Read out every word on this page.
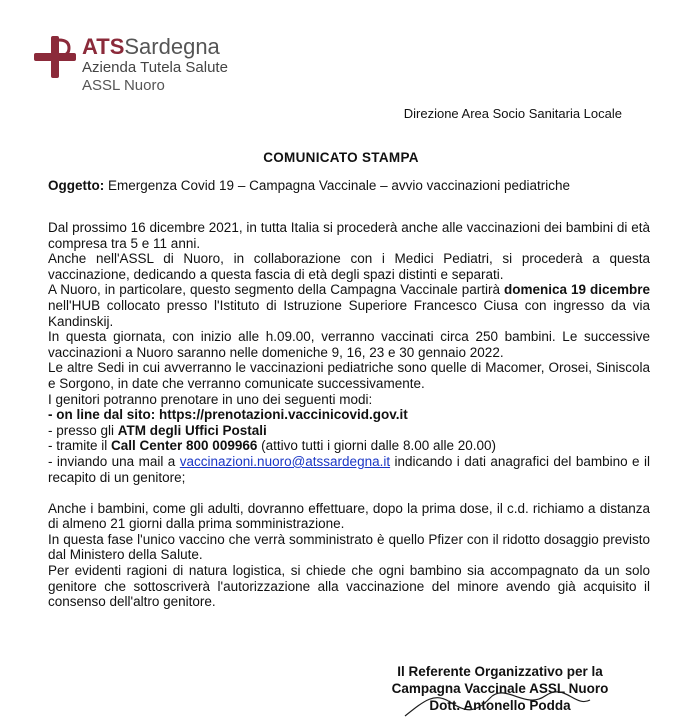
ATSSardegna
Azienda Tutela Salute
ASSL Nuoro
Direzione Area Socio Sanitaria Locale
COMUNICATO STAMPA
Oggetto: Emergenza Covid 19 – Campagna Vaccinale – avvio vaccinazioni pediatriche

Dal prossimo 16 dicembre 2021, in tutta Italia si procederà anche alle vaccinazioni dei bambini di età compresa tra 5 e 11 anni.

Anche nell'ASSL di Nuoro, in collaborazione con i Medici Pediatri, si procederà a questa vaccinazione, dedicando a questa fascia di età degli spazi distinti e separati.

A Nuoro, in particolare, questo segmento della Campagna Vaccinale partirà domenica 19 dicembre nell'HUB collocato presso l'Istituto di Istruzione Superiore Francesco Ciusa con ingresso da via Kandinskij.

In questa giornata, con inizio alle h.09.00, verranno vaccinati circa 250 bambini. Le successive vaccinazioni a Nuoro saranno nelle domeniche 9, 16, 23 e 30 gennaio 2022.

Le altre Sedi in cui avverranno le vaccinazioni pediatriche sono quelle di Macomer, Orosei, Siniscola e Sorgono, in date che verranno comunicate successivamente.

I genitori potranno prenotare in uno dei seguenti modi:

- on line dal sito: https://prenotazioni.vaccinicovid.gov.it

- presso gli ATM degli Uffici Postali

- tramite il Call Center 800 009966 (attivo tutti i giorni dalle 8.00 alle 20.00)

- inviando una mail a vaccinazioni.nuoro@atssardegna.it indicando i dati anagrafici del bambino e il recapito di un genitore;

Anche i bambini, come gli adulti, dovranno effettuare, dopo la prima dose, il c.d. richiamo a distanza di almeno 21 giorni dalla prima somministrazione.

In questa fase l'unico vaccino che verrà somministrato è quello Pfizer con il ridotto dosaggio previsto dal Ministero della Salute.

Per evidenti ragioni di natura logistica, si chiede che ogni bambino sia accompagnato da un solo genitore che sottoscriverà l'autorizzazione alla vaccinazione del minore avendo già acquisito il consenso dell'altro genitore.

Il Referente Organizzativo per la
Campagna Vaccinale ASSL Nuoro
Dott. Antonello Podda
